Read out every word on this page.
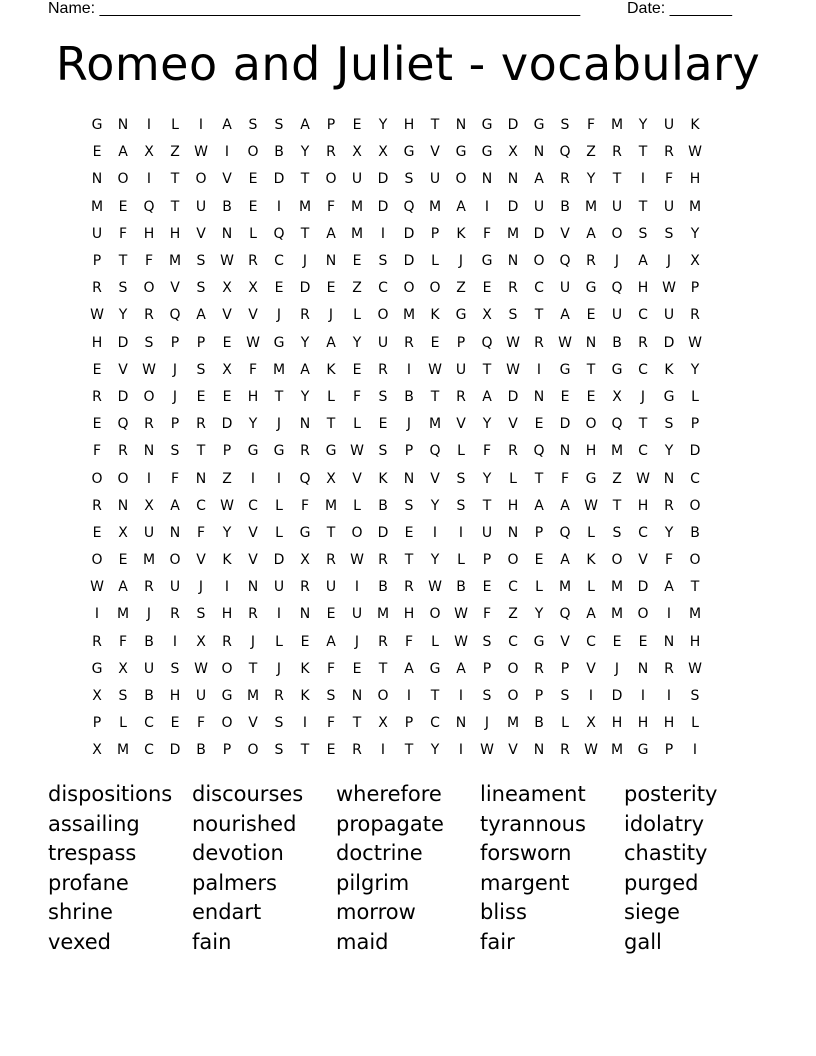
Name: ______________________________________________________	Date: _______
Romeo and Juliet - vocabulary
G	N	I	L	I	A	S	S	A	P	E	Y	H	T	N	G	D	G	S	F	M	Y	U	K
E	A	X	Z	W	I	O	B	Y	R	X	X	G	V	G	G	X	N	Q	Z	R	T	R	W
N	O	I	T	O	V	E	D	T	O	U	D	S	U	O	N	N	A	R	Y	T	I	F	H
M	E	Q	T	U	B	E	I	M	F	M	D	Q	M	A	I	D	U	B	M	U	T	U	M
U	F	H	H	V	N	L	Q	T	A	M	I	D	P	K	F	M	D	V	A	O	S	S	Y
P	T	F	M	S	W	R	C	J	N	E	S	D	L	J	G	N	O	Q	R	J	A	J	X
R	S	O	V	S	X	X	E	D	E	Z	C	O	O	Z	E	R	C	U	G	Q	H W	P
W	Y	R	Q	A	V	V	J	R	J	L	O	M	K	G	X	S	T	A	E	U	C	U	R
H	D	S	P	P	E	W G	Y	A	Y	U	R	E	P	Q W	R	W N	B	R	D W
E	V	W	J	S	X	F	M	A	K	E	R	I	W U	T	W	I	G	T	G	C	K	Y
R	D	O	J	E	E	H	T	Y	L	F	S	B	T	R	A	D	N	E	E	X	J	G	L
E	Q	R	P	R	D	Y	J	N	T	L	E	J	M	V	Y	V	E	D	O	Q	T	S	P
F	R	N	S	T	P	G	G	R	G W	S	P	Q	L	F	R	Q	N	H	M	C	Y	D
O	O	I	F	N	Z	I	I	Q	X	V	K	N	V	S	Y	L	T	F	G	Z	W N	C
R	N	X	A	C	W	C	L	F	M	L	B	S	Y	S	T	H	A	A	W	T	H	R	O
E	X	U	N	F	Y	V	L	G	T	O	D	E	I	I	U	N	P	Q	L	S	C	Y	B
O	E	M	O	V	K	V	D	X	R	W	R	T	Y	L	P	O	E	A	K	O	V	F	O
W	A	R	U	J	I	N	U	R	U	I	B	R	W	B	E	C	L	M	L	M	D	A	T
I	M	J	R	S	H	R	I	N	E	U	M	H	O W	F	Z	Y	Q	A	M	O	I	M
R	F	B	I	X	R	J	L	E	A	J	R	F	L	W	S	C	G	V	C	E	E	N	H
G	X	U	S	W O	T	J	K	F	E	T	A	G	A	P	O	R	P	V	J	N	R	W
X	S	B	H	U	G	M	R	K	S	N	O	I	T	I	S	O	P	S	I	D	I	I	S
P	L	C	E	F	O	V	S	I	F	T	X	P	C	N	J	M	B	L	X	H	H	H	L
X	M	C	D	B	P	O	S	T	E	R	I	T	Y	I	W	V	N	R	W M	G	P	I
dispositions discourses	wherefore	lineament	posterity
assailing	nourished	propagate	tyrannous	idolatry
trespass	devotion	doctrine	forsworn	chastity
profane	palmers	pilgrim	margent	purged
shrine	endart	morrow	bliss	siege
vexed	fain	maid	fair	gall
